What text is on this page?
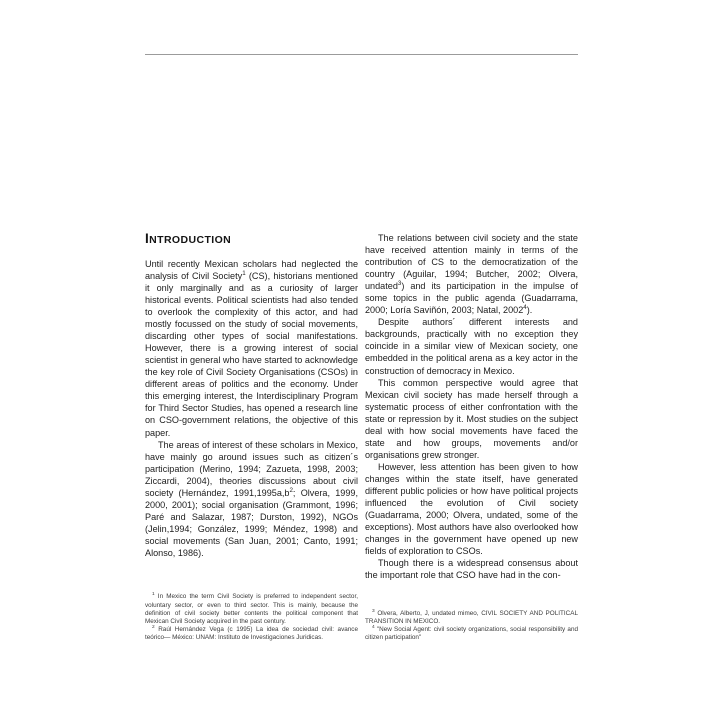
INTRODUCTION

Until recently Mexican scholars had neglected the analysis of Civil Society$^1$ (CS), historians mentioned it only marginally and as a curiosity of larger historical events. Political scientists had also tended to overlook the complexity of this actor, and had mostly focussed on the study of social movements, discarding other types of social manifestations. However, there is a growing interest of social scientist in general who have started to acknowledge the key role of Civil Society Organisations (CSOs) in different areas of politics and the economy. Under this emerging interest, the Interdisciplinary Program for Third Sector Studies, has opened a research line on CSO-government relations, the objective of this paper.

The areas of interest of these scholars in Mexico, have mainly go around issues such as citizen´s participation (Merino, 1994; Zazueta, 1998, 2003; Ziccardi, 2004), theories discussions about civil society (Hernández, $1991,1995a,b^2$; Olvera, 1999, 2000, 2001); social organisation (Grammont, 1996; Paré and Salazar, 1987; Durston, 1992), NGOs (Jelin,1994; González, 1999; Méndez, 1998) and social movements (San Juan, 2001; Canto, 1991; Alonso, 1986).

$^1$ In Mexico the term Civil Society is preferred to independent sector, voluntary sector, or even to third sector. This is mainly, because the definition of civil society better contents the political component that Mexican Civil Society acquired in the past century.

$^2$ Raúl Hernández Vega (c 1995) La idea de sociedad civil: avance teórico— México: UNAM: Instituto de Investigaciones Juridicas.

The relations between civil society and the state have received attention mainly in terms of the contribution of CS to the democratization of the country (Aguilar, 1994; Butcher, 2002; Olvera, undated$^3$) and its participation in the impulse of some topics in the public agenda (Guadarrama, 2000; Loría Saviñón, 2003; Natal, 2002$^4$).

Despite authors´ different interests and backgrounds, practically with no exception they coincide in a similar view of Mexican society, one embedded in the political arena as a key actor in the construction of democracy in Mexico.

This common perspective would agree that Mexican civil society has made herself through a systematic process of either confrontation with the state or repression by it. Most studies on the subject deal with how social movements have faced the state and how groups, movements and/or organisations grew stronger.

However, less attention has been given to how changes within the state itself, have generated different public policies or how have political projects influenced the evolution of Civil society (Guadarrama, 2000; Olvera, undated, some of the exceptions). Most authors have also overlooked how changes in the government have opened up new fields of exploration to CSOs.

Though there is a widespread consensus about the important role that CSO have had in the con-

$^3$ Olvera, Alberto, J, undated mimeo, CIVIL SOCIETY AND POLITICAL TRANSITION IN MEXICO.

$^4$ "New Social Agent: civil society organizations, social responsibility and citizen participation"
